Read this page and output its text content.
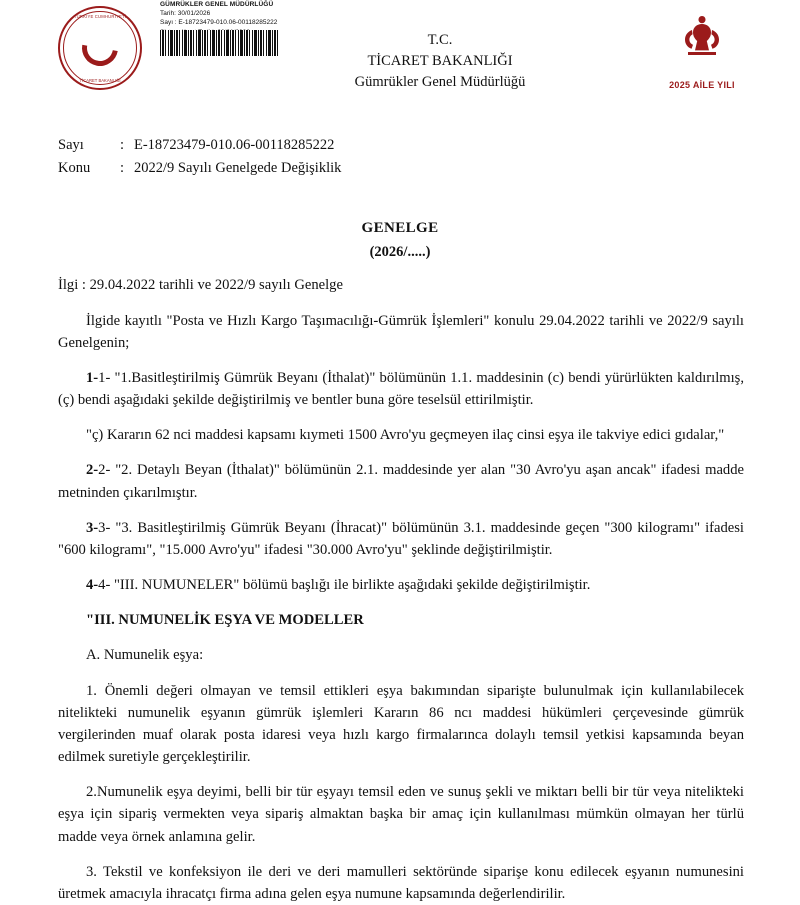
TÜRKİYE CUMHURİYETİ
TİCARET BAKANLIĞI
GÜMRÜKLER GENEL MÜDÜRLÜĞÜ
Tarih: 30/01/2026
Sayı : E-18723479-010.06-00118285222
T.C.
TİCARET BAKANLIĞI
Gümrükler Genel Müdürlüğü	2025 AİLE YILI
Sayı	: E-18723479-010.06-00118285222
Konu	: 2022/9 Sayılı Genelgede Değişiklik
GENELGE
(2026/.....)

İlgi : 29.04.2022 tarihli ve 2022/9 sayılı Genelge

İlgide kayıtlı "Posta ve Hızlı Kargo Taşımacılığı-Gümrük İşlemleri" konulu 29.04.2022 tarihli ve 2022/9 sayılı Genelgenin;

1-1- "1.Basitleştirilmiş Gümrük Beyanı (İthalat)" bölümünün 1.1. maddesinin (c) bendi yürürlükten kaldırılmış, (ç) bendi aşağıdaki şekilde değiştirilmiş ve bentler buna göre teselsül ettirilmiştir.

"ç) Kararın 62 nci maddesi kapsamı kıymeti 1500 Avro'yu geçmeyen ilaç cinsi eşya ile takviye edici gıdalar,"

2-2- "2. Detaylı Beyan (İthalat)" bölümünün 2.1. maddesinde yer alan "30 Avro'yu aşan ancak" ifadesi madde metninden çıkarılmıştır.

3-3- "3. Basitleştirilmiş Gümrük Beyanı (İhracat)" bölümünün 3.1. maddesinde geçen "300 kilogramı" ifadesi "600 kilogramı", "15.000 Avro'yu" ifadesi "30.000 Avro'yu" şeklinde değiştirilmiştir.

4-4- "III. NUMUNELER" bölümü başlığı ile birlikte aşağıdaki şekilde değiştirilmiştir.

"III. NUMUNELİK EŞYA VE MODELLER

A. Numunelik eşya:

1. Önemli değeri olmayan ve temsil ettikleri eşya bakımından siparişte bulunulmak için kullanılabilecek nitelikteki numunelik eşyanın gümrük işlemleri Kararın 86 ncı maddesi hükümleri çerçevesinde gümrük vergilerinden muaf olarak posta idaresi veya hızlı kargo firmalarınca dolaylı temsil yetkisi kapsamında beyan edilmek suretiyle gerçekleştirilir.

2.Numunelik eşya deyimi, belli bir tür eşyayı temsil eden ve sunuş şekli ve miktarı belli bir tür veya nitelikteki eşya için sipariş vermekten veya sipariş almaktan başka bir amaç için kullanılması mümkün olmayan her türlü madde veya örnek anlamına gelir.

3. Tekstil ve konfeksiyon ile deri ve deri mamulleri sektöründe siparişe konu edilecek eşyanın numunesini üretmek amacıyla ihracatçı firma adına gelen eşya numune kapsamında değerlendirilir.
